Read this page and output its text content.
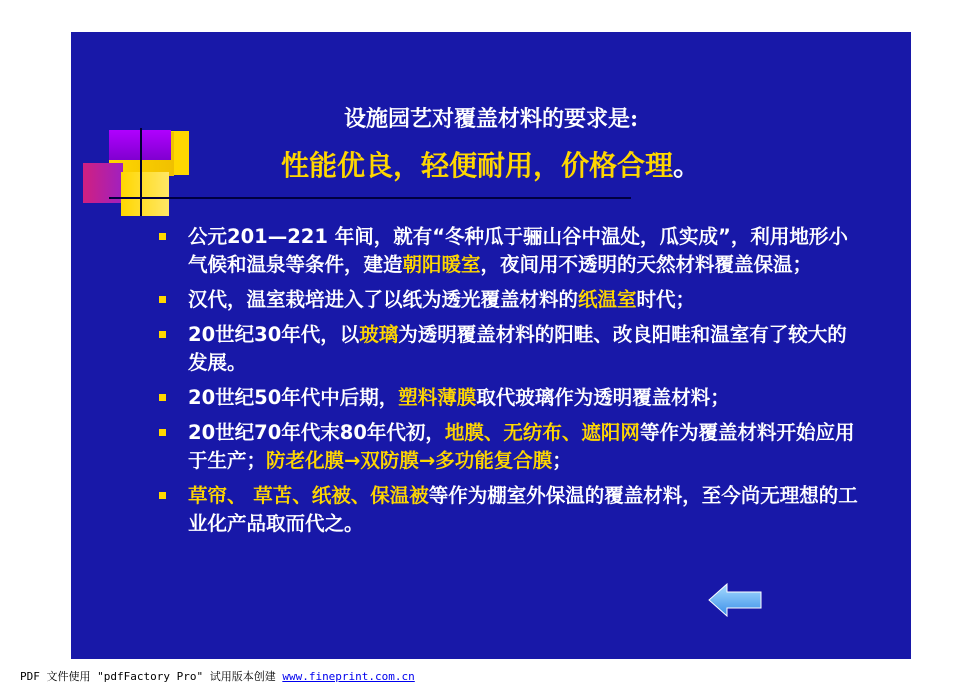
设施园艺对覆盖材料的要求是:
性能优良，轻便耐用，价格合理。
公元201—221 年间，就有“冬种瓜于骊山谷中温处，瓜实成”，利用地形小气候和温泉等条件，建造朝阳暖室，夜间用不透明的天然材料覆盖保温；
汉代，温室栽培进入了以纸为透光覆盖材料的纸温室时代；
20世纪30年代，以玻璃为透明覆盖材料的阳畦、改良阳畦和温室有了较大的发展。
20世纪50年代中后期，塑料薄膜取代玻璃作为透明覆盖材料；
20世纪70年代末80年代初，地膜、无纺布、遮阳网等作为覆盖材料开始应用于生产；防老化膜→双防膜→多功能复合膜；
草帘、 草苫、纸被、保温被等作为棚室外保温的覆盖材料，至今尚无理想的工业化产品取而代之。
PDF 文件使用 "pdfFactory Pro" 试用版本创建 www.fineprint.com.cn
